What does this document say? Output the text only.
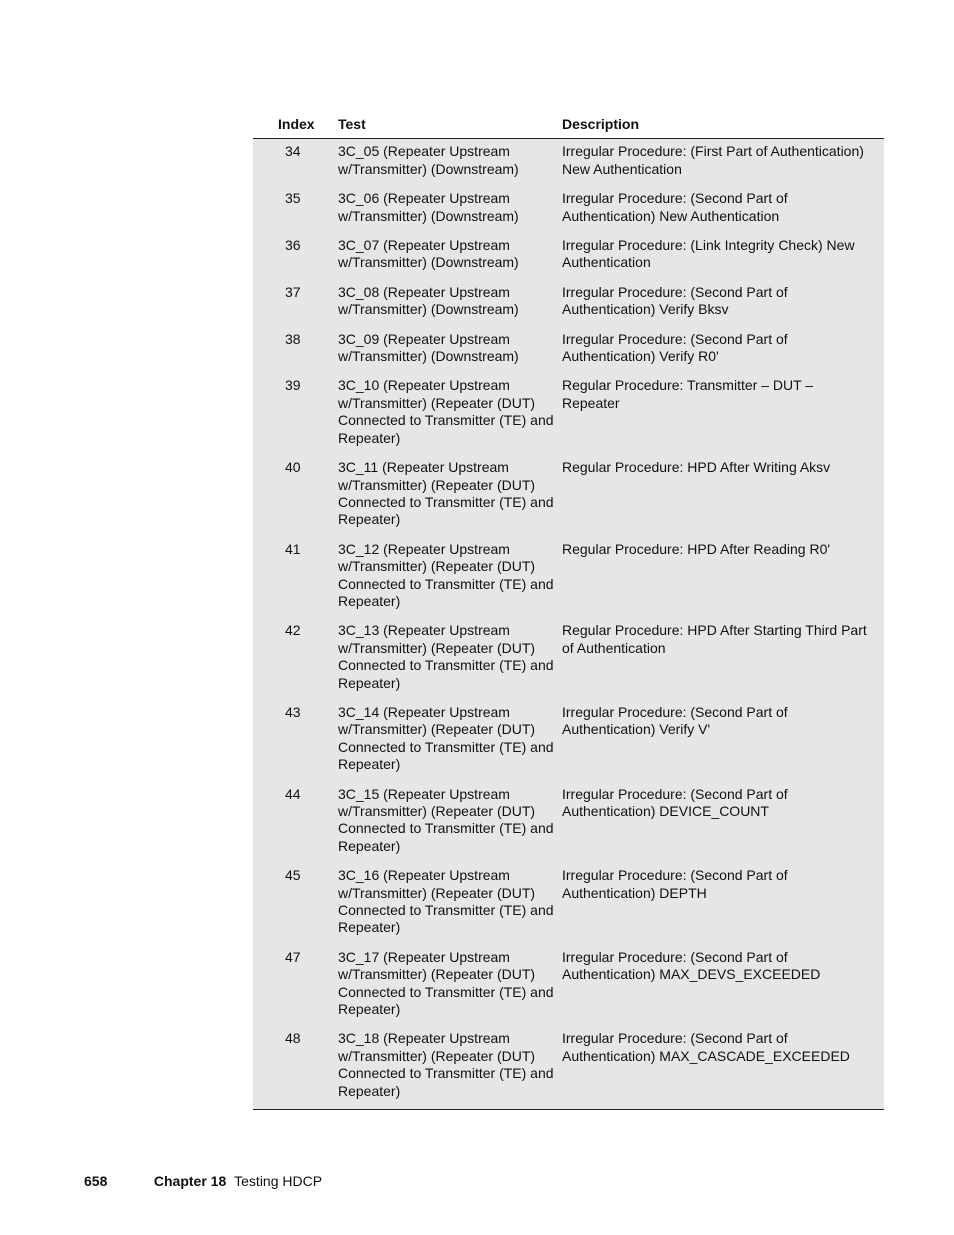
Index	Test	Description
34	3C_05 (Repeater Upstream w/Transmitter) (Downstream)	Irregular Procedure: (First Part of Authentication) New Authentication
35	3C_06 (Repeater Upstream w/Transmitter) (Downstream)	Irregular Procedure: (Second Part of Authentication) New Authentication
36	3C_07 (Repeater Upstream w/Transmitter) (Downstream)	Irregular Procedure: (Link Integrity Check) New Authentication
37	3C_08 (Repeater Upstream w/Transmitter) (Downstream)	Irregular Procedure: (Second Part of Authentication) Verify Bksv
38	3C_09 (Repeater Upstream w/Transmitter) (Downstream)	Irregular Procedure: (Second Part of Authentication) Verify R0'
39	3C_10 (Repeater Upstream w/Transmitter) (Repeater (DUT) Connected to Transmitter (TE) and Repeater)	Regular Procedure: Transmitter – DUT – Repeater
40	3C_11 (Repeater Upstream w/Transmitter) (Repeater (DUT) Connected to Transmitter (TE) and Repeater)	Regular Procedure: HPD After Writing Aksv
41	3C_12 (Repeater Upstream w/Transmitter) (Repeater (DUT) Connected to Transmitter (TE) and Repeater)	Regular Procedure: HPD After Reading R0'
42	3C_13 (Repeater Upstream w/Transmitter) (Repeater (DUT) Connected to Transmitter (TE) and Repeater)	Regular Procedure: HPD After Starting Third Part of Authentication
43	3C_14 (Repeater Upstream w/Transmitter) (Repeater (DUT) Connected to Transmitter (TE) and Repeater)	Irregular Procedure: (Second Part of Authentication) Verify V'
44	3C_15 (Repeater Upstream w/Transmitter) (Repeater (DUT) Connected to Transmitter (TE) and Repeater)	Irregular Procedure: (Second Part of Authentication) DEVICE_COUNT
45	3C_16 (Repeater Upstream w/Transmitter) (Repeater (DUT) Connected to Transmitter (TE) and Repeater)	Irregular Procedure: (Second Part of Authentication) DEPTH
47	3C_17 (Repeater Upstream w/Transmitter) (Repeater (DUT) Connected to Transmitter (TE) and Repeater)	Irregular Procedure: (Second Part of Authentication) MAX_DEVS_EXCEEDED
48	3C_18 (Repeater Upstream w/Transmitter) (Repeater (DUT) Connected to Transmitter (TE) and Repeater)	Irregular Procedure: (Second Part of Authentication) MAX_CASCADE_EXCEEDED
658	Chapter 18 Testing HDCP
